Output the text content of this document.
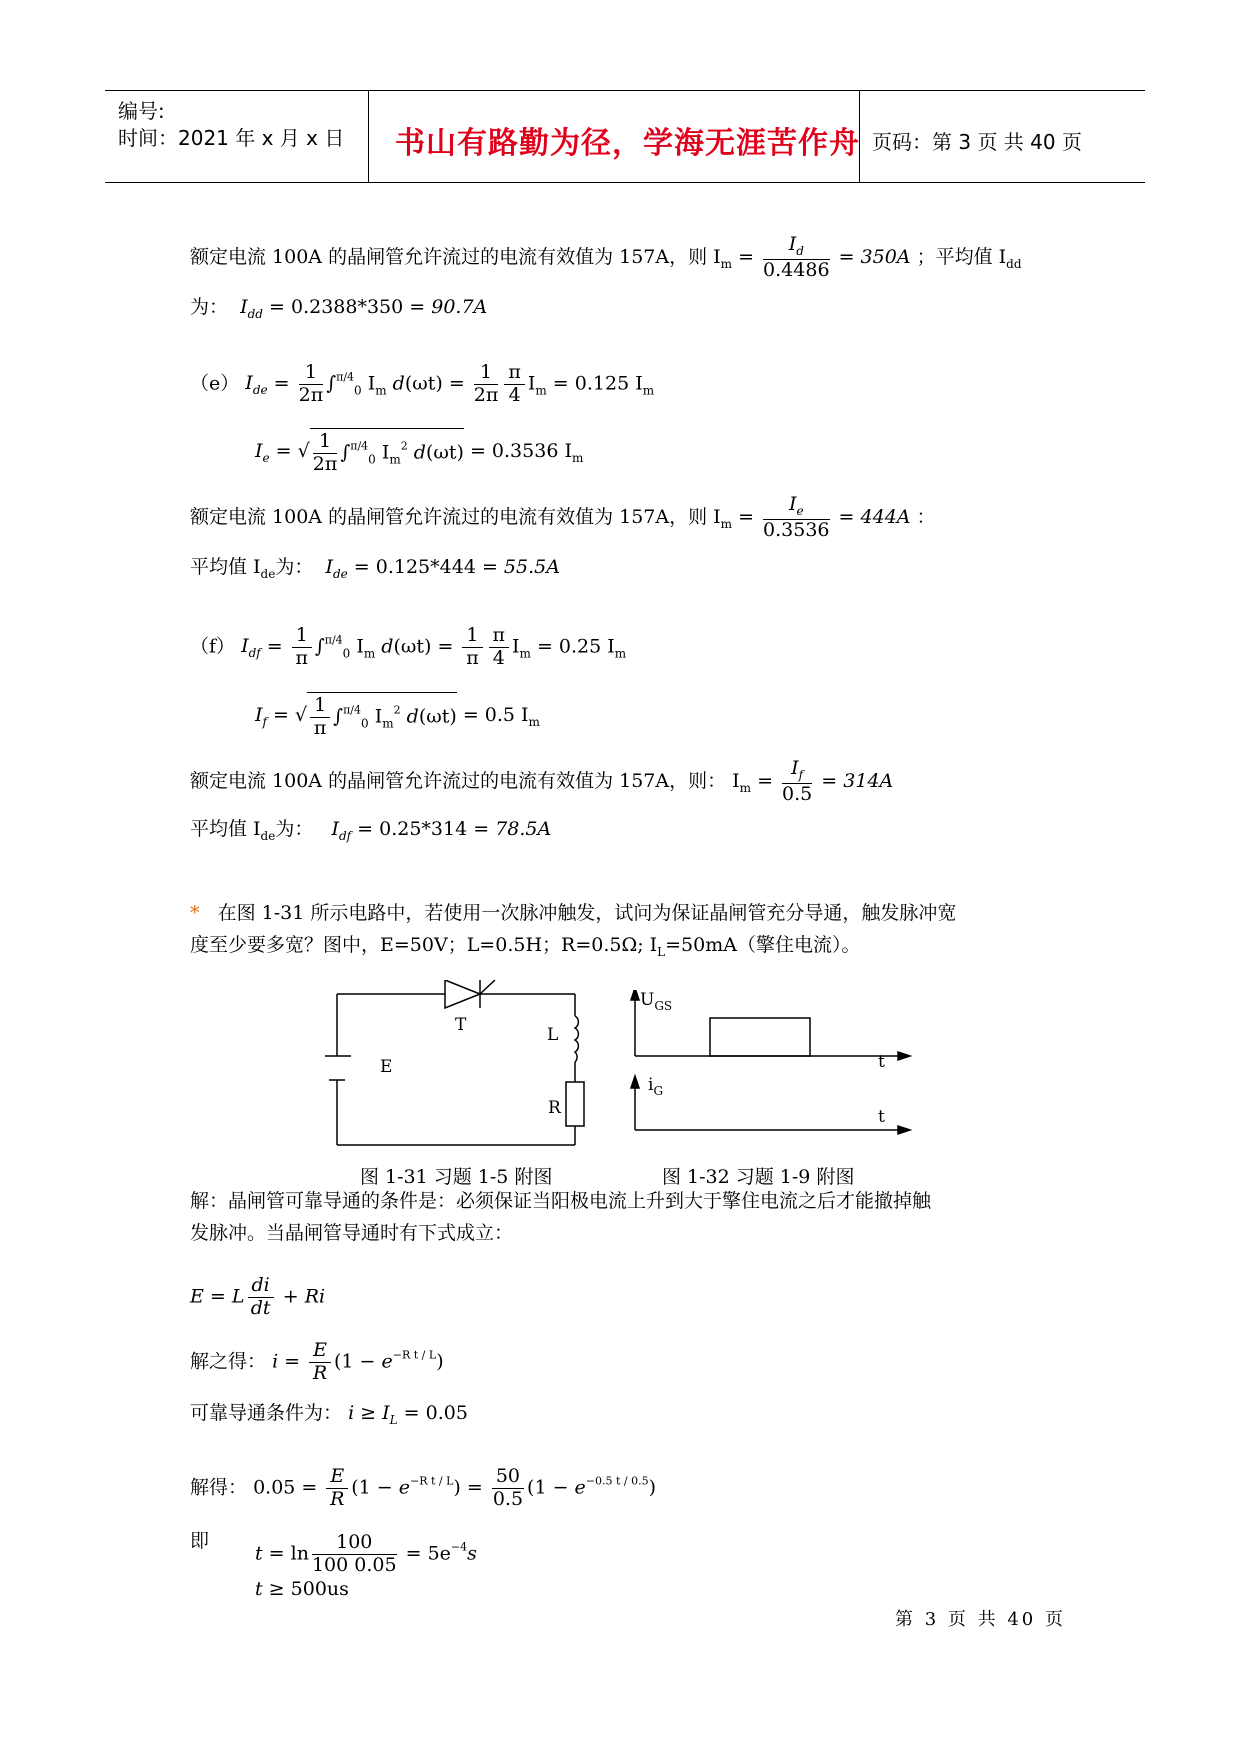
编号:
时间：2021 年 x 月 x 日 书山有路勤为径，学海无涯苦作舟 页码：第 3 页 共 40 页
额定电流 100A 的晶闸管允许流过的电流有效值为 157A，则 $I_m = \frac{I_d}{0.4486} = 350A$ ；平均值 $I_{dd}$
为：  $I_{dd} = 0.2388*350 = 90.7A$
（e） $I_{de} = \frac{1}{2\pi} \int^{\pi/4}_0$ $I_m$ $d(\omega t) = \frac{1}{2\pi} \frac{\pi}{4} I_m = 0.125$ $I_m$
$I_e$ = √ $\frac{1}{2\pi} \int^{\pi/4}_0$ $I_m^2$ d(ωt) = 0.3536 $I_m$
额定电流 100A 的晶闸管允许流过的电流有效值为 157A，则 $I_m = \frac{I_e}{0.3536} = 444A$ ：
平均值 $I_{de}$为：  $I_{de} = 0.125*444 = 55.5A$
（f） $I_{df} = \frac{1}{\pi} \int^{\pi/4}_0$ $I_m$ $d(\omega t) = \frac{1}{\pi} \frac{\pi}{4} I_m = 0.25$ $I_m$
$I_f$ = √ $\frac{1}{\pi} \int^{\pi/4}_0$ $I_m^2$ d(ωt) = 0.5 $I_m$
额定电流 100A 的晶闸管允许流过的电流有效值为 157A，则： $I_m = \frac{I_f}{0.5} = 314A$
平均值 $I_{de}$为：   $I_{df} = 0.25*314 = 78.5A$
* 在图 1-31 所示电路中，若使用一次脉冲触发，试问为保证晶闸管充分导通，触发脉冲宽
度至少要多宽？图中，E=50V；L=0.5H；R=0.5Ω; $I_L=50mA$（擎住电流）。
T	L
E
R
图 1-31 习题 1-5 附图
$U_{GS}$
t
$i_G$
t
图 1-32 习题 1-9 附图
解：晶闸管可靠导通的条件是：必须保证当阳极电流上升到大于擎住电流之后才能撤掉触
发脉冲。当晶闸管导通时有下式成立：
E = L $\frac{di}{dt} + Ri$
解之得： $i = \frac{E}{R} (1 - e^{-R t / L})$
可靠导通条件为： $i \ge I_L = 0.05$
解得： $0.05 = \frac{E}{R} (1 - e^{-R t / L}) = \frac{50}{0.5} (1 - e^{-0.5 t / 0.5})$
即
$t = \ln \frac{100}{100 0.05} = 5e^{-4}s$
t ≥ 500us
第 3 页 共 40 页
